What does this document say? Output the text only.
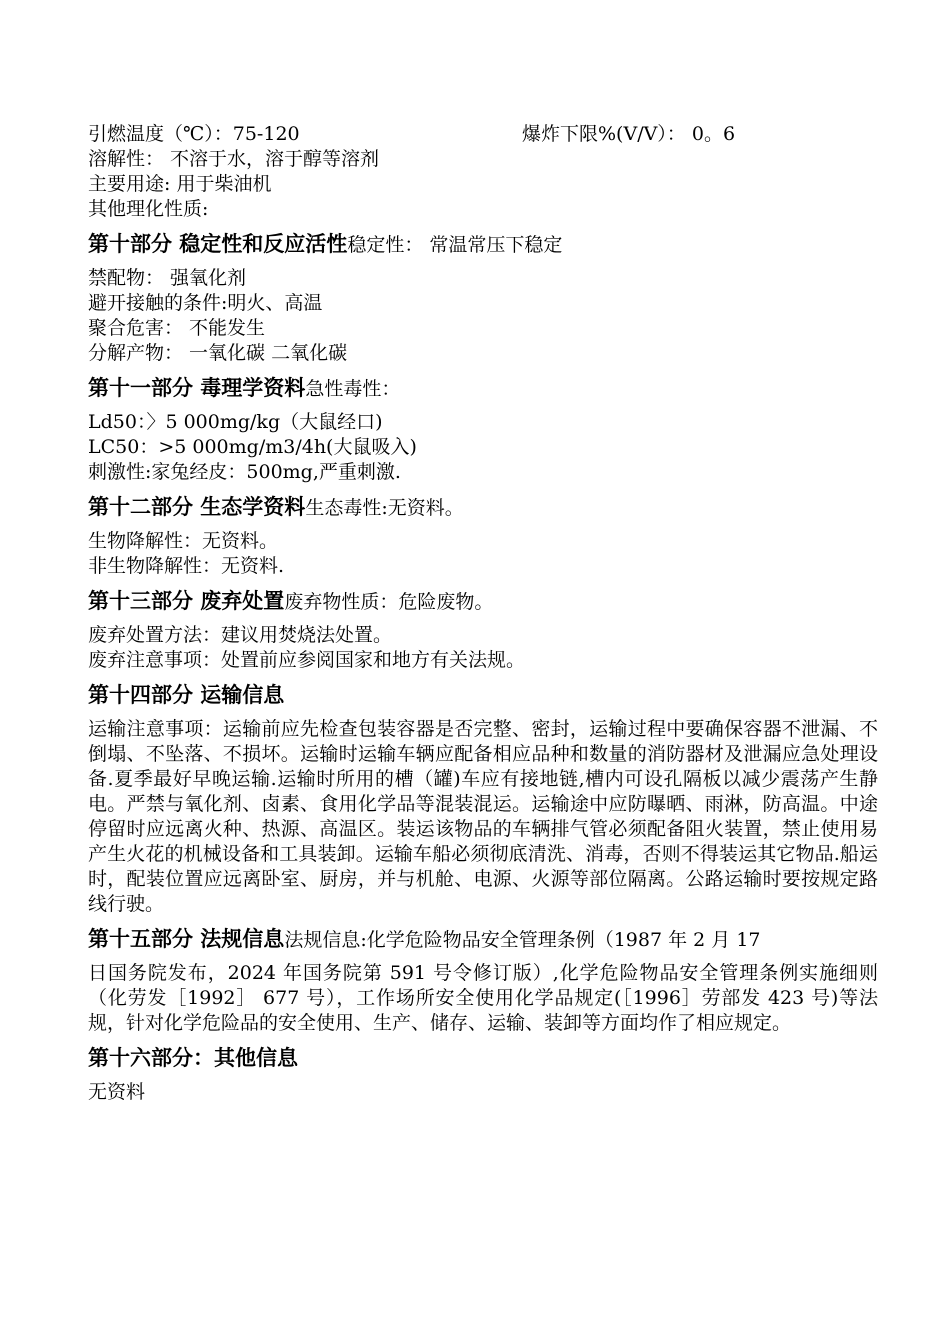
引燃温度（℃）：75-120	爆炸下限%(V/V）： 0。6
溶解性： 不溶于水，溶于醇等溶剂
主要用途: 用于柴油机
其他理化性质:
第十部分 稳定性和反应活性稳定性： 常温常压下稳定
禁配物： 强氧化剂
避开接触的条件:明火、高温
聚合危害： 不能发生
分解产物： 一氧化碳 二氧化碳
第十一部分 毒理学资料急性毒性：
Ld50：〉5 000mg/kg（大鼠经口)
LC50：>5 000mg/m3/4h(大鼠吸入)
刺激性:家兔经皮：500mg,严重刺激.
第十二部分 生态学资料生态毒性:无资料。
生物降解性：无资料。
非生物降解性：无资料.
第十三部分 废弃处置废弃物性质：危险废物。
废弃处置方法：建议用焚烧法处置。
废弃注意事项：处置前应参阅国家和地方有关法规。
第十四部分 运输信息
运输注意事项：运输前应先检查包装容器是否完整、密封，运输过程中要确保容器不泄漏、不倒塌、不坠落、不损坏。运输时运输车辆应配备相应品种和数量的消防器材及泄漏应急处理设备.夏季最好早晚运输.运输时所用的槽（罐)车应有接地链,槽内可设孔隔板以减少震荡产生静电。严禁与氧化剂、卤素、食用化学品等混装混运。运输途中应防曝晒、雨淋，防高温。中途停留时应远离火种、热源、高温区。装运该物品的车辆排气管必须配备阻火装置，禁止使用易产生火花的机械设备和工具装卸。运输车船必须彻底清洗、消毒，否则不得装运其它物品.船运时，配装位置应远离卧室、厨房，并与机舱、电源、火源等部位隔离。公路运输时要按规定路线行驶。
第十五部分 法规信息法规信息:化学危险物品安全管理条例（1987 年 2 月 17
日国务院发布，2024 年国务院第 591 号令修订版）,化学危险物品安全管理条例实施细则 （化劳发［1992］ 677 号），工作场所安全使用化学品规定(［1996］劳部发 423 号)等法规，针对化学危险品的安全使用、生产、储存、运输、装卸等方面均作了相应规定。
第十六部分：其他信息
无资料
